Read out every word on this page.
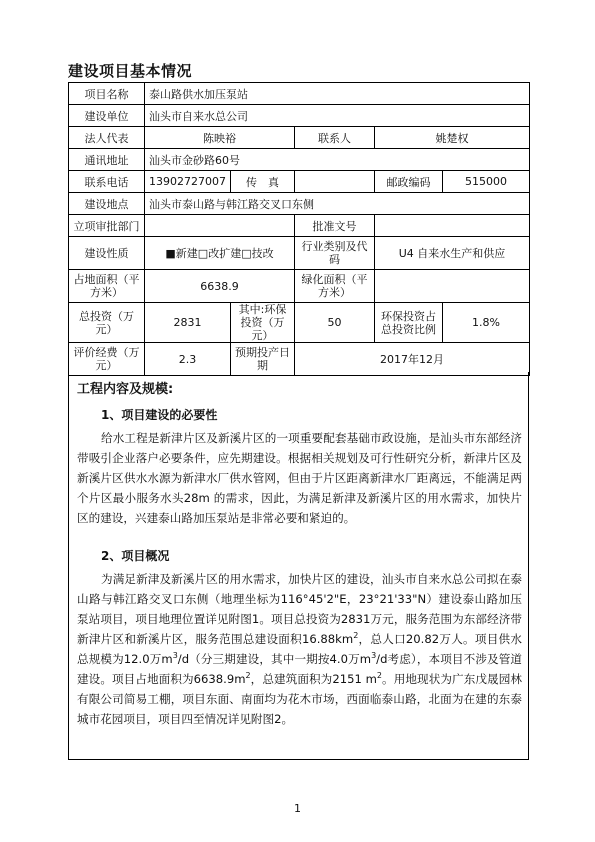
建设项目基本情况
项目名称	泰山路供水加压泵站				
建设单位	汕头市自来水总公司				
法人代表	陈映裕		联系人	姚楚权	
通讯地址	汕头市金砂路60号				
联系电话	13902727007	传　真		邮政编码	515000
建设地点	汕头市泰山路与韩江路交叉口东侧				
立项审批部门			批准文号		
建设性质	■新建□改扩建□技改		行业类别及代码	U4 自来水生产和供应	
占地面积（平方米）	6638.9		绿化面积（平方米）		
总投资（万元）	2831	其中:环保投资（万元）	50	环保投资占总投资比例	1.8%
评价经费（万元）	2.3	预期投产日期	2017年12月		
工程内容及规模:
1、项目建设的必要性
给水工程是新津片区及新溪片区的一项重要配套基础市政设施，是汕头市东部经济带吸引企业落户必要条件，应先期建设。根据相关规划及可行性研究分析，新津片区及新溪片区供水水源为新津水厂供水管网，但由于片区距离新津水厂距离远，不能满足两个片区最小服务水头28m 的需求，因此，为满足新津及新溪片区的用水需求，加快片区的建设，兴建泰山路加压泵站是非常必要和紧迫的。
2、项目概况
为满足新津及新溪片区的用水需求，加快片区的建设，汕头市自来水总公司拟在泰山路与韩江路交叉口东侧（地理坐标为116°45'2"E，23°21'33"N）建设泰山路加压泵站项目，项目地理位置详见附图1。项目总投资为2831万元，服务范围为东部经济带新津片区和新溪片区，服务范围总建设面积$16.88km^2$，总人口20.82万人。项目供水总规模为12.0万$m^3/d$（分三期建设，其中一期按4.0万$m^3/d$考虑），本项目不涉及管道建设。项目占地面积为$6638.9m^2$，总建筑面积为2151 $m^2$。用地现状为广东戊晟园林有限公司简易工棚，项目东面、南面均为花木市场，西面临泰山路，北面为在建的东泰城市花园项目，项目四至情况详见附图2。
1
